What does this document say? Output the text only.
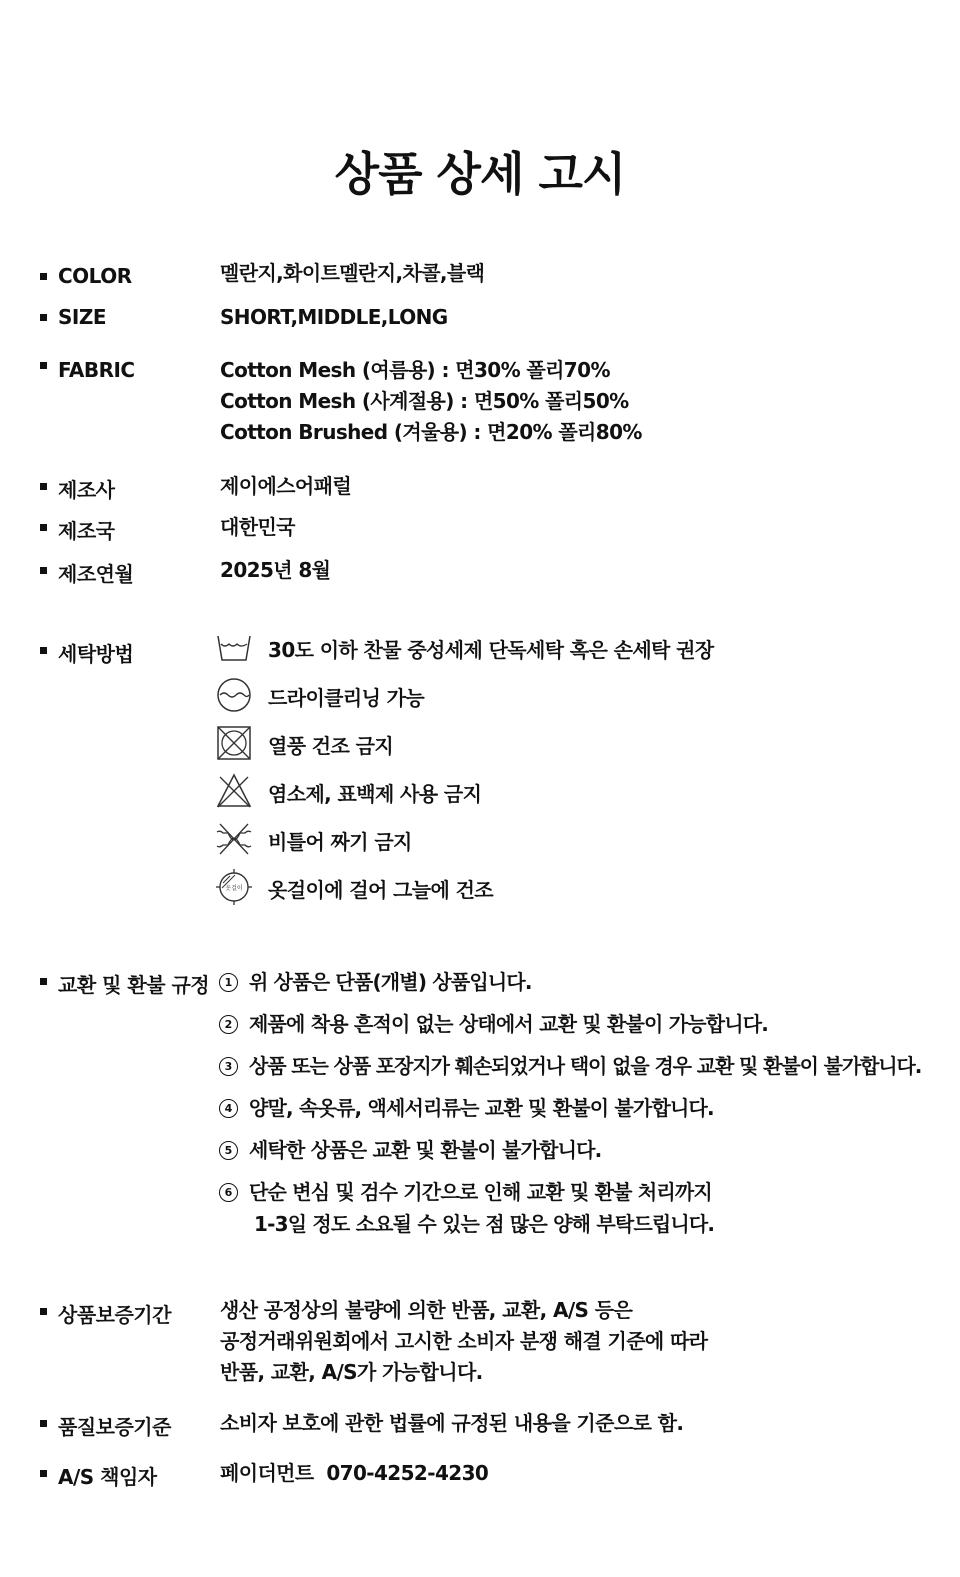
상품 상세 고시
COLOR	멜란지,화이트멜란지,차콜,블랙
SIZE	SHORT,MIDDLE,LONG
FABRIC	Cotton Mesh (여름용) : 면30% 폴리70%
Cotton Mesh (사계절용) : 면50% 폴리50%
Cotton Brushed (겨울용) : 면20% 폴리80%
제조사	제이에스어패럴
제조국	대한민국
제조연월	2025년 8월
세탁방법	30도 이하 찬물 중성세제 단독세탁 혹은 손세탁 권장
드라이클리닝 가능
열풍 건조 금지
염소제, 표백제 사용 금지
비틀어 짜기 금지
옷걸이 옷걸이에 걸어 그늘에 건조
교환 및 환불 규정	1 위 상품은 단품(개별) 상품입니다.
2 제품에 착용 흔적이 없는 상태에서 교환 및 환불이 가능합니다.
3 상품 또는 상품 포장지가 훼손되었거나 택이 없을 경우 교환 및 환불이 불가합니다.
4 양말, 속옷류, 액세서리류는 교환 및 환불이 불가합니다.
5 세탁한 상품은 교환 및 환불이 불가합니다.
6 단순 변심 및 검수 기간으로 인해 교환 및 환불 처리까지
1-3일 정도 소요될 수 있는 점 많은 양해 부탁드립니다.
상품보증기간 생산 공정상의 불량에 의한 반품, 교환, A/S 등은
공정거래위원회에서 고시한 소비자 분쟁 해결 기준에 따라
반품, 교환, A/S가 가능합니다.
품질보증기준 소비자 보호에 관한 법률에 규정된 내용을 기준으로 함.
A/S 책임자	페이더먼트  070-4252-4230
